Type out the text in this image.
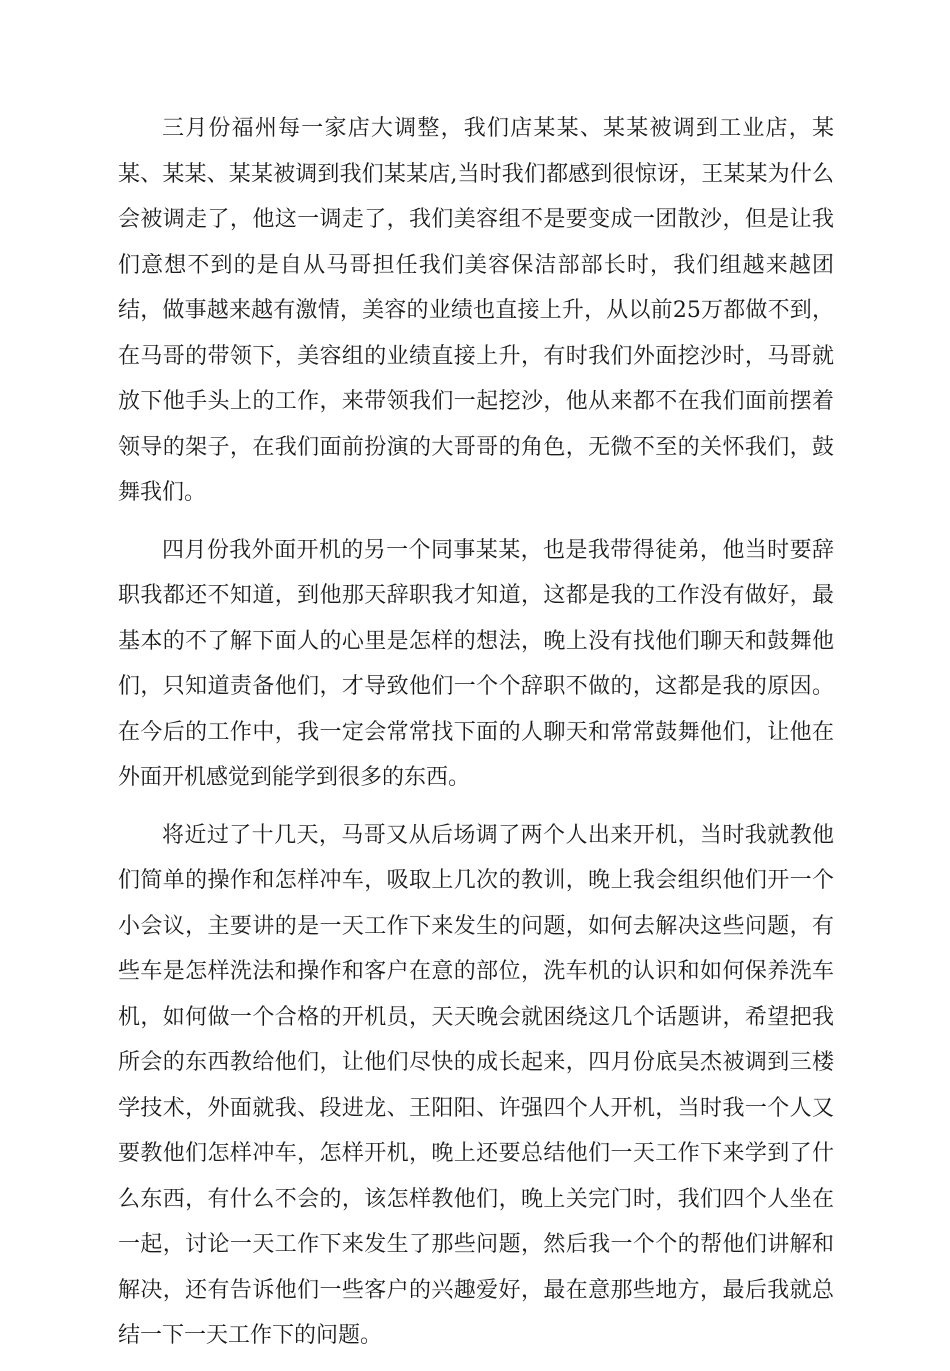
三月份福州每一家店大调整，我们店某某、某某被调到工业店，某某、某某、某某被调到我们某某店,当时我们都感到很惊讶，王某某为什么会被调走了，他这一调走了，我们美容组不是要变成一团散沙，但是让我们意想不到的是自从马哥担任我们美容保洁部部长时，我们组越来越团结，做事越来越有激情，美容的业绩也直接上升，从以前25万都做不到，在马哥的带领下，美容组的业绩直接上升，有时我们外面挖沙时，马哥就放下他手头上的工作，来带领我们一起挖沙，他从来都不在我们面前摆着领导的架子，在我们面前扮演的大哥哥的角色，无微不至的关怀我们，鼓舞我们。

四月份我外面开机的另一个同事某某，也是我带得徒弟，他当时要辞职我都还不知道，到他那天辞职我才知道，这都是我的工作没有做好，最基本的不了解下面人的心里是怎样的想法，晚上没有找他们聊天和鼓舞他们，只知道责备他们，才导致他们一个个辞职不做的，这都是我的原因。在今后的工作中，我一定会常常找下面的人聊天和常常鼓舞他们，让他在外面开机感觉到能学到很多的东西。

将近过了十几天，马哥又从后场调了两个人出来开机，当时我就教他们简单的操作和怎样冲车，吸取上几次的教训，晚上我会组织他们开一个小会议，主要讲的是一天工作下来发生的问题，如何去解决这些问题，有些车是怎样洗法和操作和客户在意的部位，洗车机的认识和如何保养洗车机，如何做一个合格的开机员，天天晚会就困绕这几个话题讲，希望把我所会的东西教给他们，让他们尽快的成长起来，四月份底吴杰被调到三楼学技术，外面就我、段进龙、王阳阳、许强四个人开机，当时我一个人又要教他们怎样冲车，怎样开机，晚上还要总结他们一天工作下来学到了什么东西，有什么不会的，该怎样教他们，晚上关完门时，我们四个人坐在一起，讨论一天工作下来发生了那些问题，然后我一个个的帮他们讲解和解决，还有告诉他们一些客户的兴趣爱好，最在意那些地方，最后我就总结一下一天工作下的问题。
